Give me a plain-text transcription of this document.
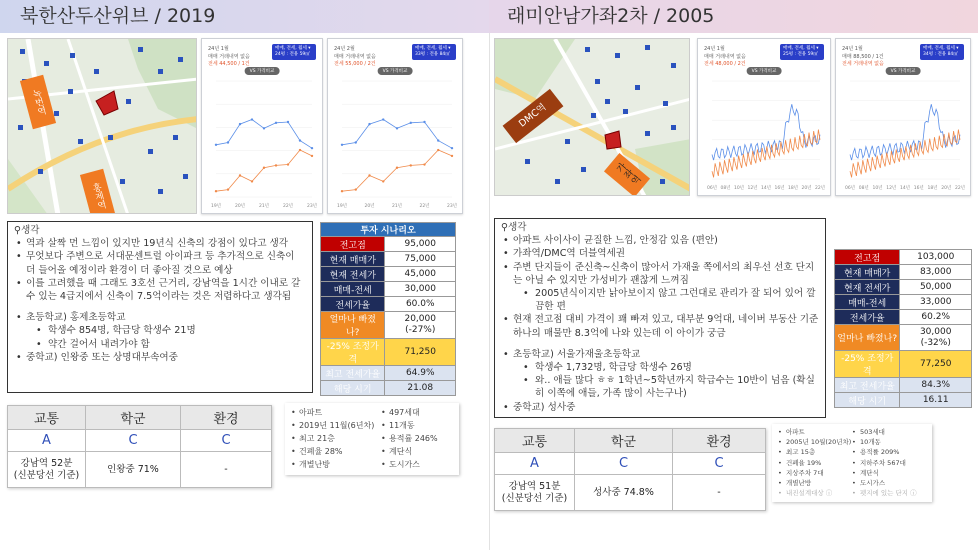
북한산두산위브 / 2019	래미안남가좌2차 / 2005
녹번역
홍제역
24년 1월
매매 거래내역 없음
전세 44,500 / 1건
매매, 전세, 월세 ▾
24평 : 전용 59㎡
VS 가격비교
19년	20년	21년	22년	23년
24년 2월
매매 거래내역 없음
전세 55,000 / 2건
매매, 전세, 월세 ▾
33평 : 전용 84㎡
VS 가격비교
19년	20년	21년	22년	23년
⚲생각
• 역과 살짝 먼 느낌이 있지만 19년식 신축의 강점이 있다고 생각
• 무엇보다 주변으로 서대문센트럴 아이파크 등 추가적으로 신축이 더 들어올 예정이라 환경이 더 좋아질 것으로 예상
• 이를 고려했을 때 그래도 3호선 근거리, 강남역을 1시간 이내로 갈 수 있는 4급지에서 신축이 7.5억이라는 것은 저렴하다고 생각됨
• 초등학교) 홍제초등학교
• 학생수 854명, 학급당 학생수 21명
• 약간 걸어서 내려가야 함
• 중학교) 인왕중 또는 상명대부속여중
투자 시나리오	
전고점	95,000
현재 매매가	75,000
현재 전세가	45,000
매매-전세	30,000
전세가율	60.0%
얼마나 빠졌나?	20,000
(-27%)
-25% 조정가격	71,250
최고 전세가율	64.9%
해당 시기	21.08
교통	학군	환경
A	C	C
강남역 52분
(신분당선 기준)	인왕중 71%	-
• 아파트
• 2019년 11월(6년차)
• 최고 21층
• 건폐율 28%
• 개별난방
• 497세대
• 11개동
• 용적률 246%
• 계단식
• 도시가스
DMC역
가좌역
24년 1월
매매 거래내역 없음
전세 48,000 / 2건
매매, 전세, 월세 ▾
25평 : 전용 59㎡
VS 가격비교
06년 08년 10년 12년 14년 16년 18년 20년 22년
24년 1월
매매 88,500 / 1건
전세 거래내역 없음
매매, 전세, 월세 ▾
34평 : 전용 84㎡
VS 가격비교
06년 08년 10년 12년 14년 16년 18년 20년 22년
⚲생각
• 아파트 사이사이 균질한 느낌, 안정감 있음 (편안)
• 가좌역/DMC역 더블역세권
• 주변 단지들이 준신축~신축이 많아서 가재울 쪽에서의 최우선 선호 단지는 아닐 수 있지만 가성비가 괜찮게 느껴짐
• 2005년식이지만 낡아보이지 않고 그런대로 관리가 잘 되어 있어 깔끔한 편
• 현재 전고점 대비 가격이 꽤 빠져 있고, 대부분 9억대, 네이버 부동산 기준 하나의 매물만 8.3억에 나와 있는데 이 아이가 궁금
• 초등학교) 서울가재울초등학교
• 학생수 1,732명, 학급당 학생수 26명
• 와.. 애들 많다 ㅎㅎ 1학년~5학년까지 학급수는 10반이 넘음 (확실히 이쪽에 애들, 가족 많이 사는구나)
• 중학교) 성사중
전고점	103,000
현재 매매가	83,000
현재 전세가	50,000
매매-전세	33,000
전세가율	60.2%
얼마나 빠졌나?	30,000
(-32%)
-25% 조정가격	77,250
최고 전세가율	84.3%
해당 시기	16.11
교통	학군	환경
A	C	C
강남역 51분
(신분당선 기준)	성사중 74.8%	-
• 아파트
• 2005년 10월(20년차)
• 최고 15층
• 건폐율 19%
• 지상주차 7대
• 개별난방
• 내진설계대상 ⓘ
• 503세대
• 10개동
• 용적률 209%
• 지하주차 567대
• 계단식
• 도시가스
• 펫지에 있는 단지 ⓘ
